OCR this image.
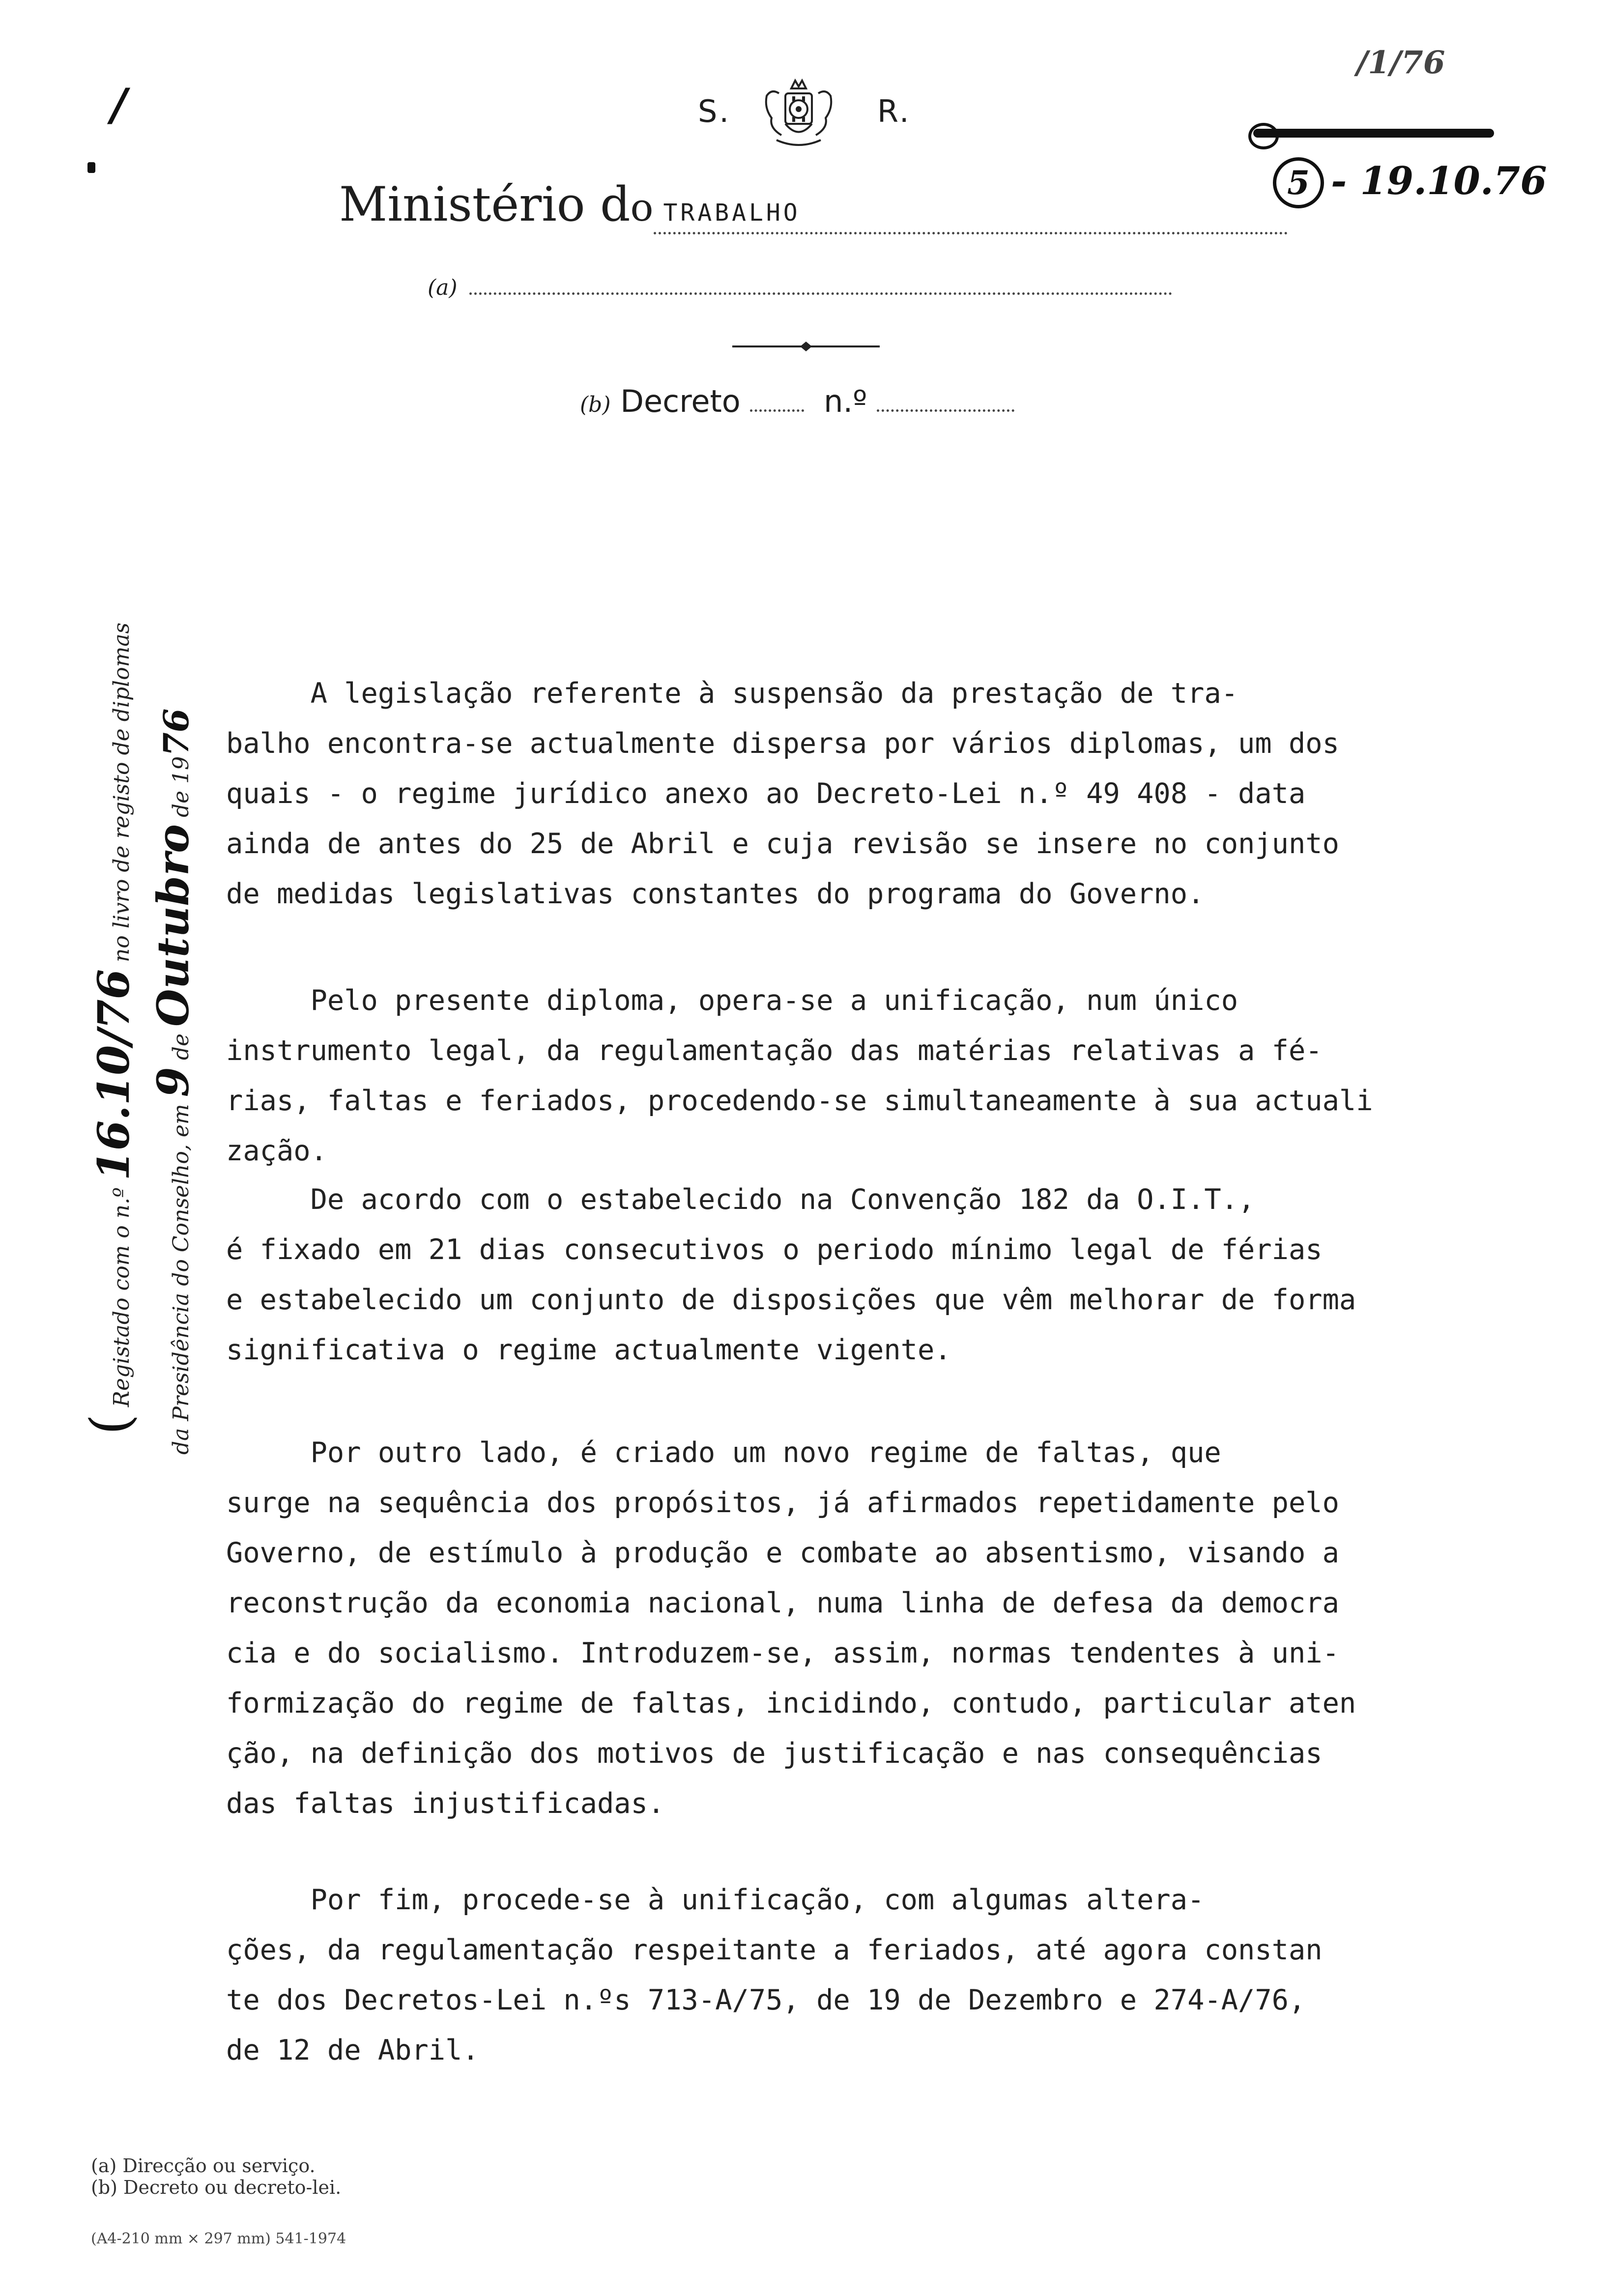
S.	R.
Ministério do TRABALHO
(a)
(b) Decreto	n.º
/1/76
5 - 19.10.76
/
( Registado com o n.º 16.10/76 no livro de registo de diplomas
da Presidência do Conselho, em 9 de Outubro de 1976
A legislação referente à suspensão da prestação de tra-
balho encontra-se actualmente dispersa por vários diplomas, um dos
quais - o regime jurídico anexo ao Decreto-Lei n.º 49 408 - data
ainda de antes do 25 de Abril e cuja revisão se insere no conjunto
de medidas legislativas constantes do programa do Governo.
Pelo presente diploma, opera-se a unificação, num único
instrumento legal, da regulamentação das matérias relativas a fé-
rias, faltas e feriados, procedendo-se simultaneamente à sua actuali
zação.
De acordo com o estabelecido na Convenção 182 da O.I.T.,
é fixado em 21 dias consecutivos o periodo mínimo legal de férias
e estabelecido um conjunto de disposições que vêm melhorar de forma
significativa o regime actualmente vigente.
Por outro lado, é criado um novo regime de faltas, que
surge na sequência dos propósitos, já afirmados repetidamente pelo
Governo, de estímulo à produção e combate ao absentismo, visando a
reconstrução da economia nacional, numa linha de defesa da democra
cia e do socialismo. Introduzem-se, assim, normas tendentes à uni-
formização do regime de faltas, incidindo, contudo, particular aten
ção, na definição dos motivos de justificação e nas consequências
das faltas injustificadas.
Por fim, procede-se à unificação, com algumas altera-
ções, da regulamentação respeitante a feriados, até agora constan
te dos Decretos-Lei n.ºs 713-A/75, de 19 de Dezembro e 274-A/76,
de 12 de Abril.
(a) Direcção ou serviço.
(b) Decreto ou decreto-lei.
(A4-210 mm × 297 mm) 541-1974
